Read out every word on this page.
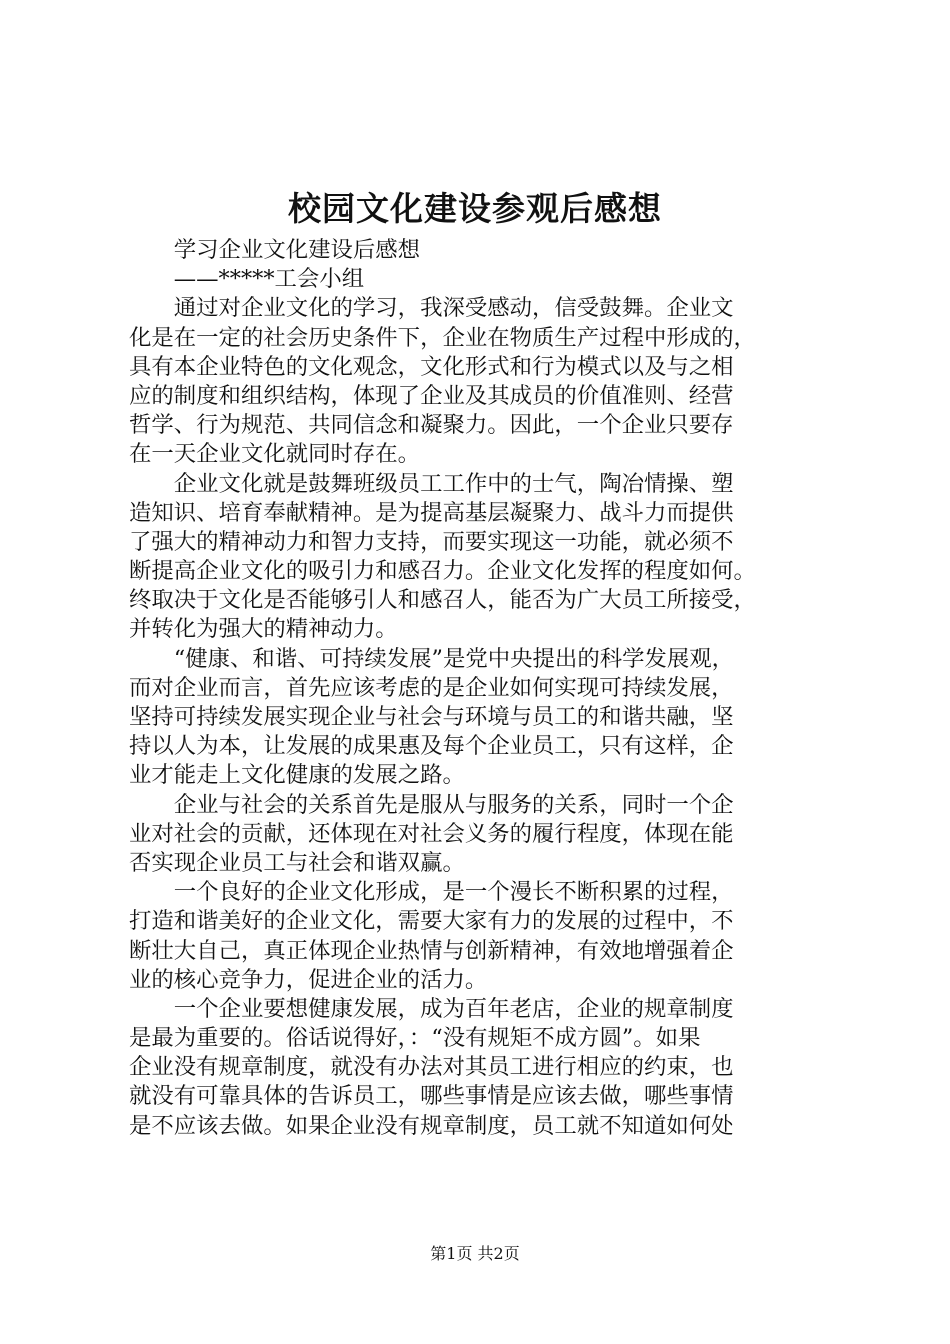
校园文化建设参观后感想
　　学习企业文化建设后感想
　　——*****工会小组
　　通过对企业文化的学习，我深受感动，信受鼓舞。企业文
化是在一定的社会历史条件下，企业在物质生产过程中形成的，
具有本企业特色的文化观念，文化形式和行为模式以及与之相
应的制度和组织结构，体现了企业及其成员的价值准则、经营
哲学、行为规范、共同信念和凝聚力。因此，一个企业只要存
在一天企业文化就同时存在。
　　企业文化就是鼓舞班级员工工作中的士气，陶冶情操、塑
造知识、培育奉献精神。是为提高基层凝聚力、战斗力而提供
了强大的精神动力和智力支持，而要实现这一功能，就必须不
断提高企业文化的吸引力和感召力。企业文化发挥的程度如何。
终取决于文化是否能够引人和感召人，能否为广大员工所接受，
并转化为强大的精神动力。
　　“健康、和谐、可持续发展”是党中央提出的科学发展观，
而对企业而言，首先应该考虑的是企业如何实现可持续发展，
坚持可持续发展实现企业与社会与环境与员工的和谐共融，坚
持以人为本，让发展的成果惠及每个企业员工，只有这样，企
业才能走上文化健康的发展之路。
　　企业与社会的关系首先是服从与服务的关系，同时一个企
业对社会的贡献，还体现在对社会义务的履行程度，体现在能
否实现企业员工与社会和谐双赢。
　　一个良好的企业文化形成，是一个漫长不断积累的过程，
打造和谐美好的企业文化，需要大家有力的发展的过程中，不
断壮大自己，真正体现企业热情与创新精神，有效地增强着企
业的核心竞争力，促进企业的活力。
　　一个企业要想健康发展，成为百年老店，企业的规章制度
是最为重要的。俗话说得好，：“没有规矩不成方圆”。如果
企业没有规章制度，就没有办法对其员工进行相应的约束，也
就没有可靠具体的告诉员工，哪些事情是应该去做，哪些事情
是不应该去做。如果企业没有规章制度，员工就不知道如何处
第1页 共2页
